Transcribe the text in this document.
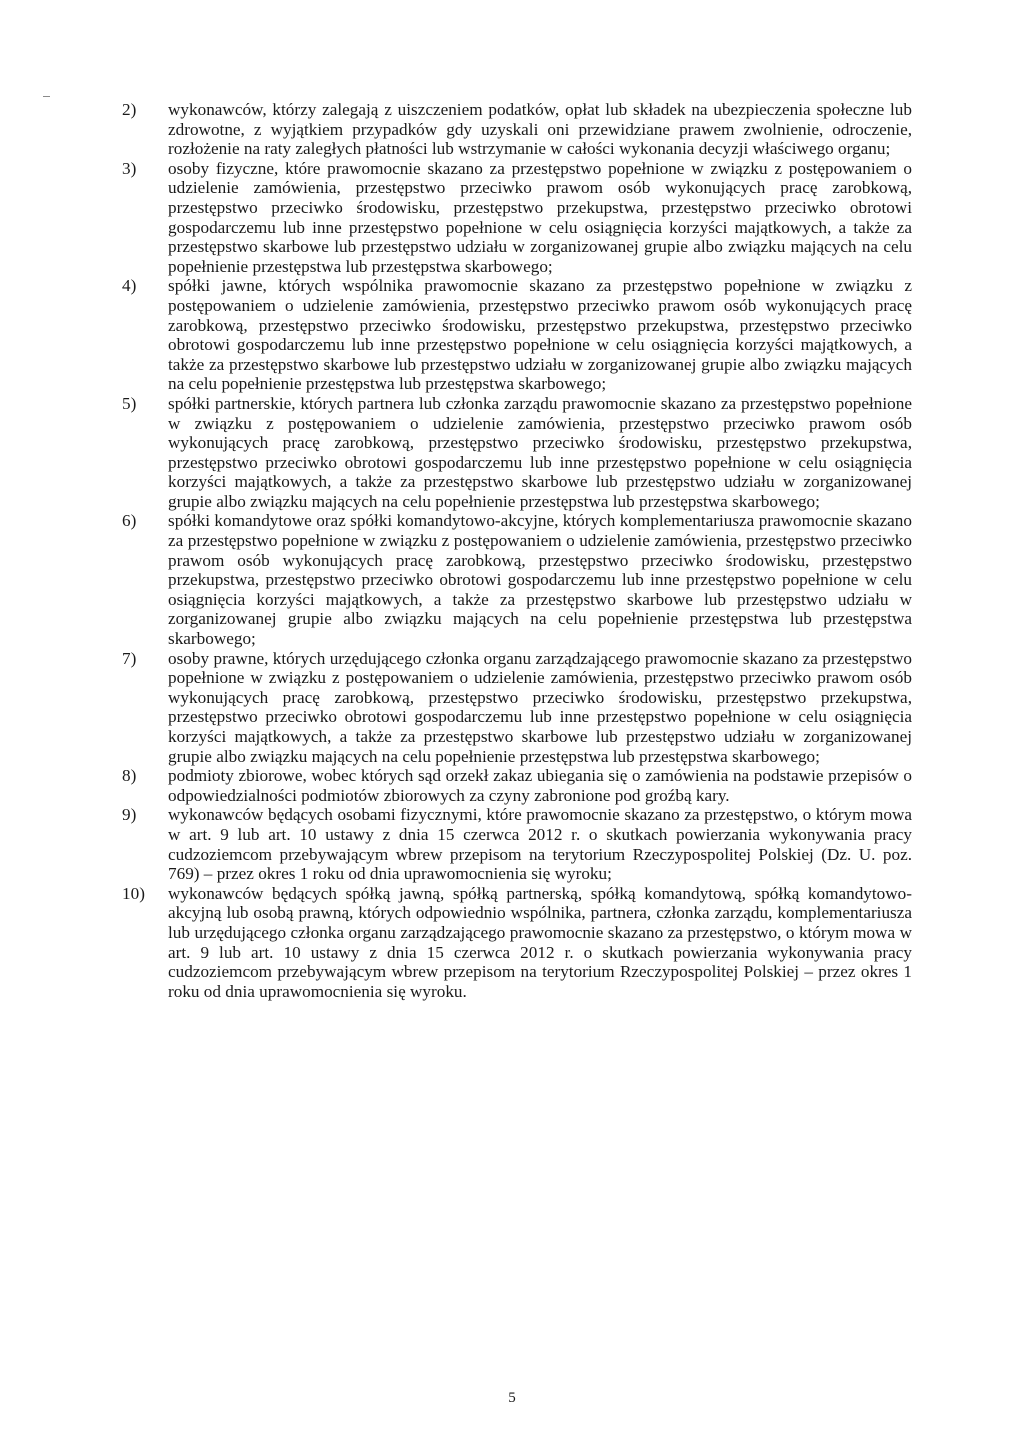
2)	wykonawców, którzy zalegają z uiszczeniem podatków, opłat lub składek na ubezpieczenia społeczne lub zdrowotne, z wyjątkiem przypadków gdy uzyskali oni przewidziane prawem zwolnienie, odroczenie, rozłożenie na raty zaległych płatności lub wstrzymanie w całości wykonania decyzji właściwego organu;
3)	osoby fizyczne, które prawomocnie skazano za przestępstwo popełnione w związku z postępowaniem o udzielenie zamówienia, przestępstwo przeciwko prawom osób wykonujących pracę zarobkową, przestępstwo przeciwko środowisku, przestępstwo przekupstwa, przestępstwo przeciwko obrotowi gospodarczemu lub inne przestępstwo popełnione w celu osiągnięcia korzyści majątkowych, a także za przestępstwo skarbowe lub przestępstwo udziału w zorganizowanej grupie albo związku mających na celu popełnienie przestępstwa lub przestępstwa skarbowego;
4)	spółki jawne, których wspólnika prawomocnie skazano za przestępstwo popełnione w związku z postępowaniem o udzielenie zamówienia, przestępstwo przeciwko prawom osób wykonujących pracę zarobkową, przestępstwo przeciwko środowisku, przestępstwo przekupstwa, przestępstwo przeciwko obrotowi gospodarczemu lub inne przestępstwo popełnione w celu osiągnięcia korzyści majątkowych, a także za przestępstwo skarbowe lub przestępstwo udziału w zorganizowanej grupie albo związku mających na celu popełnienie przestępstwa lub przestępstwa skarbowego;
5)	spółki partnerskie, których partnera lub członka zarządu prawomocnie skazano za przestępstwo popełnione w związku z postępowaniem o udzielenie zamówienia, przestępstwo przeciwko prawom osób wykonujących pracę zarobkową, przestępstwo przeciwko środowisku, przestępstwo przekupstwa, przestępstwo przeciwko obrotowi gospodarczemu lub inne przestępstwo popełnione w celu osiągnięcia korzyści majątkowych, a także za przestępstwo skarbowe lub przestępstwo udziału w zorganizowanej grupie albo związku mających na celu popełnienie przestępstwa lub przestępstwa skarbowego;
6)	spółki komandytowe oraz spółki komandytowo-akcyjne, których komplementariusza prawomocnie skazano za przestępstwo popełnione w związku z postępowaniem o udzielenie zamówienia, przestępstwo przeciwko prawom osób wykonujących pracę zarobkową, przestępstwo przeciwko środowisku, przestępstwo przekupstwa, przestępstwo przeciwko obrotowi gospodarczemu lub inne przestępstwo popełnione w celu osiągnięcia korzyści majątkowych, a także za przestępstwo skarbowe lub przestępstwo udziału w zorganizowanej grupie albo związku mających na celu popełnienie przestępstwa lub przestępstwa skarbowego;
7)	osoby prawne, których urzędującego członka organu zarządzającego prawomocnie skazano za przestępstwo popełnione w związku z postępowaniem o udzielenie zamówienia, przestępstwo przeciwko prawom osób wykonujących pracę zarobkową, przestępstwo przeciwko środowisku, przestępstwo przekupstwa, przestępstwo przeciwko obrotowi gospodarczemu lub inne przestępstwo popełnione w celu osiągnięcia korzyści majątkowych, a także za przestępstwo skarbowe lub przestępstwo udziału w zorganizowanej grupie albo związku mających na celu popełnienie przestępstwa lub przestępstwa skarbowego;
8)	podmioty zbiorowe, wobec których sąd orzekł zakaz ubiegania się o zamówienia na podstawie przepisów o odpowiedzialności podmiotów zbiorowych za czyny zabronione pod groźbą kary.
9)	wykonawców będących osobami fizycznymi, które prawomocnie skazano za przestępstwo, o którym mowa w art. 9 lub art. 10 ustawy z dnia 15 czerwca 2012 r. o skutkach powierzania wykonywania pracy cudzoziemcom przebywającym wbrew przepisom na terytorium Rzeczypospolitej Polskiej (Dz. U. poz. 769) – przez okres 1 roku od dnia uprawomocnienia się wyroku;
10)	wykonawców będących spółką jawną, spółką partnerską, spółką komandytową, spółką komandytowo-akcyjną lub osobą prawną, których odpowiednio wspólnika, partnera, członka zarządu, komplementariusza lub urzędującego członka organu zarządzającego prawomocnie skazano za przestępstwo, o którym mowa w art. 9 lub art. 10 ustawy z dnia 15 czerwca 2012 r. o skutkach powierzania wykonywania pracy cudzoziemcom przebywającym wbrew przepisom na terytorium Rzeczypospolitej Polskiej – przez okres 1 roku od dnia uprawomocnienia się wyroku.
5
